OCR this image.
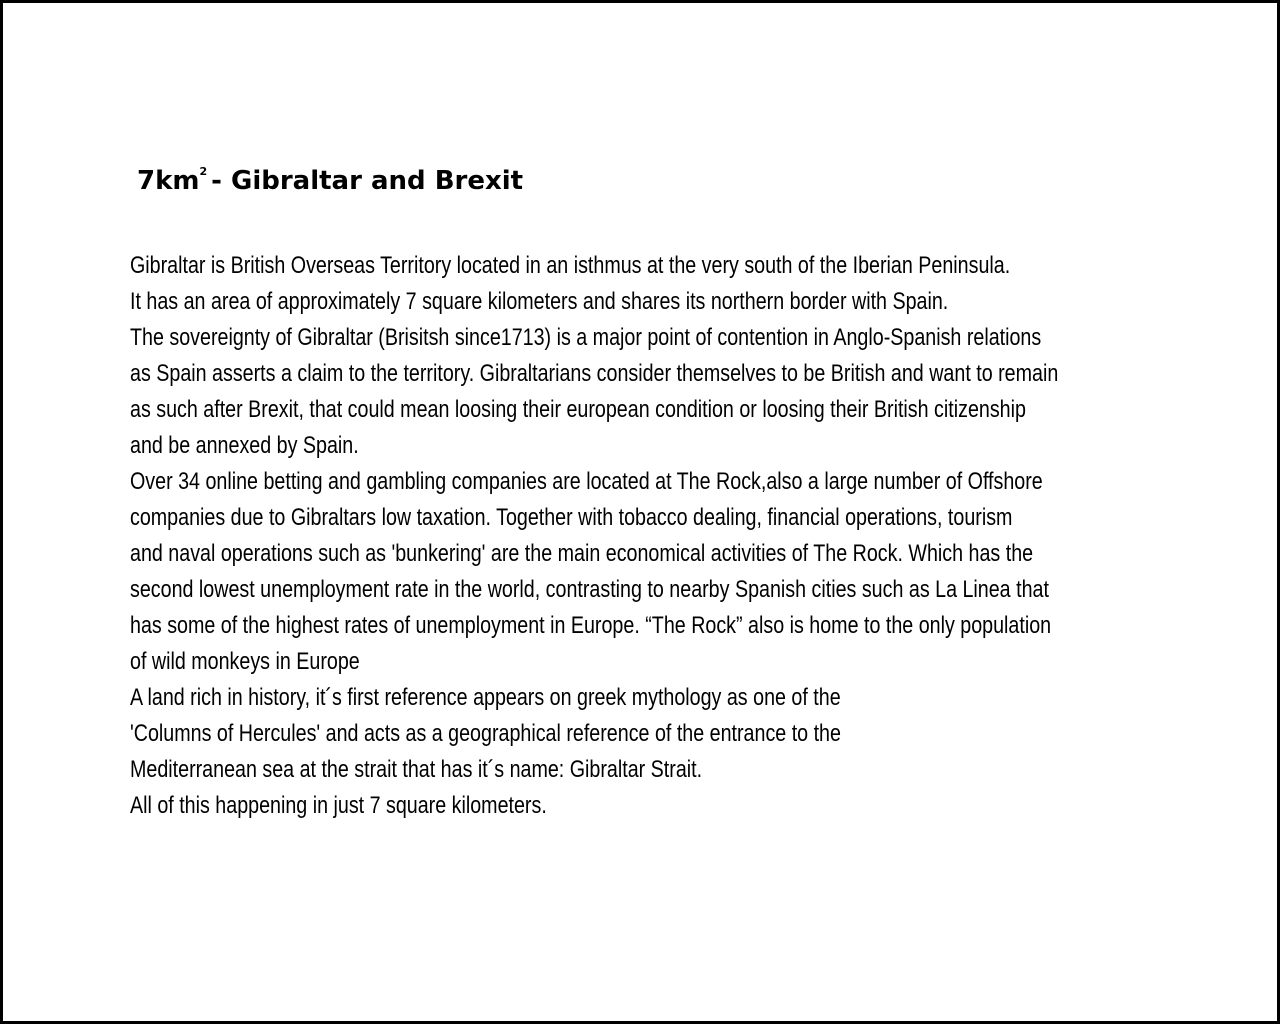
$7km^2$ - Gibraltar and Brexit
Gibraltar is British Overseas Territory located in an isthmus at the very south of the Iberian Peninsula.
It has an area of approximately 7 square kilometers and shares its northern border with Spain.
The sovereignty of Gibraltar (Brisitsh since1713) is a major point of contention in Anglo-Spanish relations
as Spain asserts a claim to the territory. Gibraltarians consider themselves to be British and want to remain
as such after Brexit, that could mean loosing their european condition or loosing their British citizenship
and be annexed by Spain.
Over 34 online betting and gambling companies are located at The Rock,also a large number of Offshore
companies due to Gibraltars low taxation. Together with tobacco dealing, financial operations, tourism
and naval operations such as 'bunkering' are the main economical activities of The Rock. Which has the
second lowest unemployment rate in the world, contrasting to nearby Spanish cities such as La Linea that
has some of the highest rates of unemployment in Europe. “The Rock” also is home to the only population
of wild monkeys in Europe
A land rich in history, it´s first reference appears on greek mythology as one of the
'Columns of Hercules' and acts as a geographical reference of the entrance to the
Mediterranean sea at the strait that has it´s name: Gibraltar Strait.
All of this happening in just 7 square kilometers.
